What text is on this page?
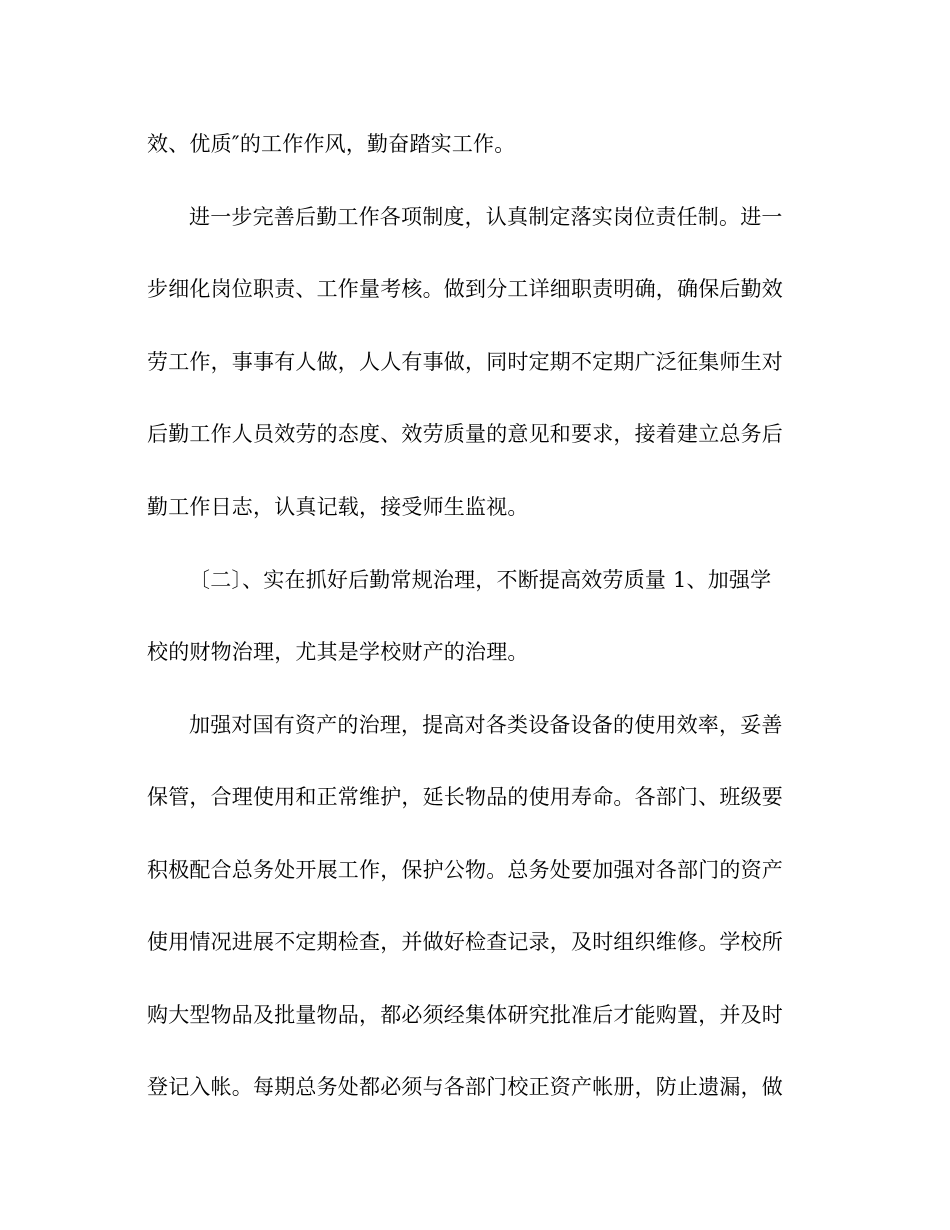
效、优质″的工作作风，勤奋踏实工作。
进一步完善后勤工作各项制度，认真制定落实岗位责任制。进一
步细化岗位职责、工作量考核。做到分工详细职责明确，确保后勤效
劳工作，事事有人做，人人有事做，同时定期不定期广泛征集师生对
后勤工作人员效劳的态度、效劳质量的意见和要求，接着建立总务后
勤工作日志，认真记载，接受师生监视。
〔二〕、实在抓好后勤常规治理，不断提高效劳质量 1、加强学
校的财物治理，尤其是学校财产的治理。
加强对国有资产的治理，提高对各类设备设备的使用效率，妥善
保管，合理使用和正常维护，延长物品的使用寿命。各部门、班级要
积极配合总务处开展工作，保护公物。总务处要加强对各部门的资产
使用情况进展不定期检查，并做好检查记录，及时组织维修。学校所
购大型物品及批量物品，都必须经集体研究批准后才能购置，并及时
登记入帐。每期总务处都必须与各部门校正资产帐册，防止遗漏，做
